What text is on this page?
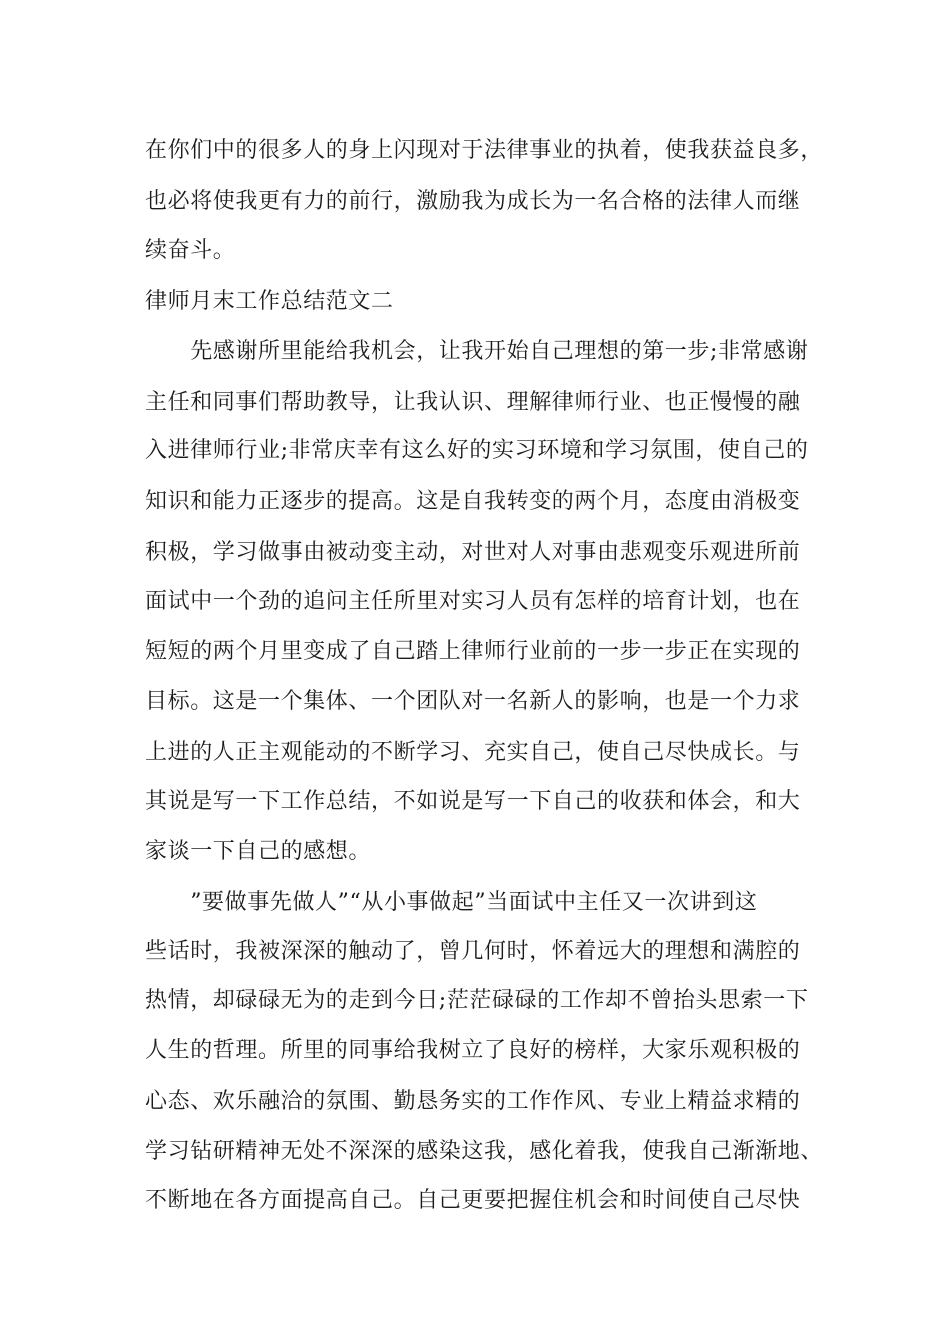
在你们中的很多人的身上闪现对于法律事业的执着，使我获益良多，

也必将使我更有力的前行，激励我为成长为一名合格的法律人而继

续奋斗。

律师月末工作总结范文二

　　先感谢所里能给我机会，让我开始自己理想的第一步;非常感谢

主任和同事们帮助教导，让我认识、理解律师行业、也正慢慢的融

入进律师行业;非常庆幸有这么好的实习环境和学习氛围，使自己的

知识和能力正逐步的提高。这是自我转变的两个月，态度由消极变

积极，学习做事由被动变主动，对世对人对事由悲观变乐观进所前

面试中一个劲的追问主任所里对实习人员有怎样的培育计划，也在

短短的两个月里变成了自己踏上律师行业前的一步一步正在实现的

目标。这是一个集体、一个团队对一名新人的影响，也是一个力求

上进的人正主观能动的不断学习、充实自己，使自己尽快成长。与

其说是写一下工作总结，不如说是写一下自己的收获和体会，和大

家谈一下自己的感想。

　　”要做事先做人”“从小事做起”当面试中主任又一次讲到这

些话时，我被深深的触动了，曾几何时，怀着远大的理想和满腔的

热情，却碌碌无为的走到今日;茫茫碌碌的工作却不曾抬头思索一下

人生的哲理。所里的同事给我树立了良好的榜样，大家乐观积极的

心态、欢乐融洽的氛围、勤恳务实的工作作风、专业上精益求精的

学习钻研精神无处不深深的感染这我，感化着我，使我自己渐渐地、

不断地在各方面提高自己。自己更要把握住机会和时间使自己尽快
